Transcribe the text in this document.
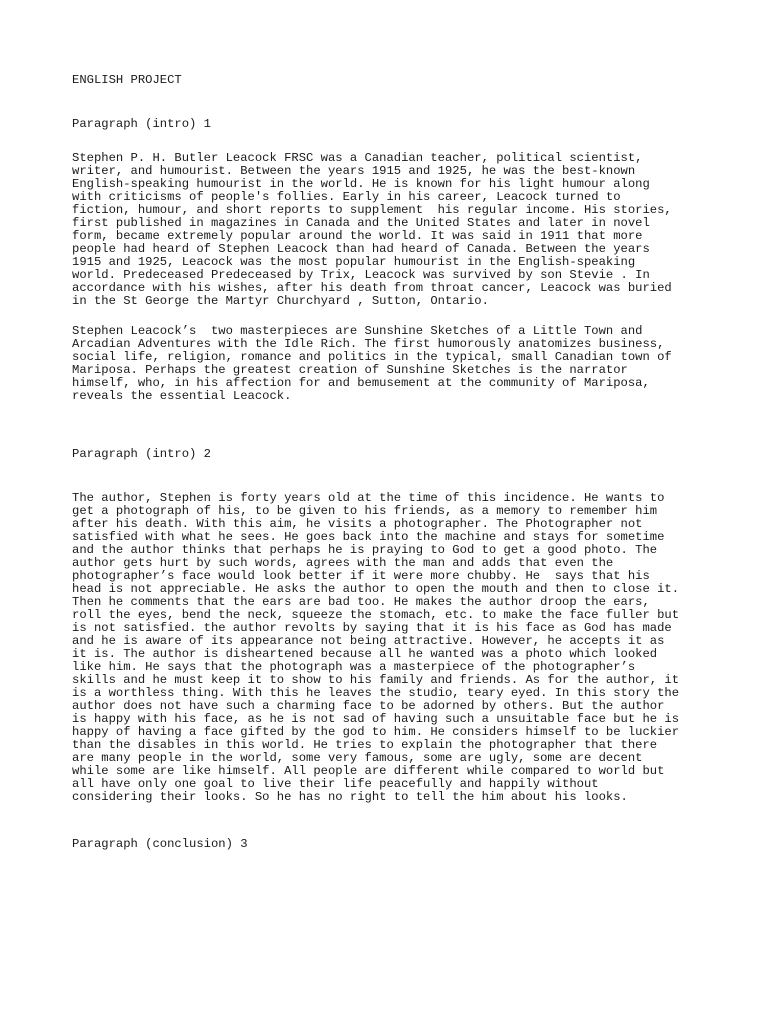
ENGLISH PROJECT
Paragraph (intro) 1
Stephen P. H. Butler Leacock FRSC was a Canadian teacher, political scientist,
writer, and humourist. Between the years 1915 and 1925, he was the best-known
English-speaking humourist in the world. He is known for his light humour along
with criticisms of people's follies. Early in his career, Leacock turned to
fiction, humour, and short reports to supplement  his regular income. His stories,
first published in magazines in Canada and the United States and later in novel
form, became extremely popular around the world. It was said in 1911 that more
people had heard of Stephen Leacock than had heard of Canada. Between the years
1915 and 1925, Leacock was the most popular humourist in the English-speaking
world. Predeceased Predeceased by Trix, Leacock was survived by son Stevie . In
accordance with his wishes, after his death from throat cancer, Leacock was buried
in the St George the Martyr Churchyard , Sutton, Ontario.
Stephen Leacock’s  two masterpieces are Sunshine Sketches of a Little Town and
Arcadian Adventures with the Idle Rich. The first humorously anatomizes business,
social life, religion, romance and politics in the typical, small Canadian town of
Mariposa. Perhaps the greatest creation of Sunshine Sketches is the narrator
himself, who, in his affection for and bemusement at the community of Mariposa,
reveals the essential Leacock.
Paragraph (intro) 2
The author, Stephen is forty years old at the time of this incidence. He wants to
get a photograph of his, to be given to his friends, as a memory to remember him
after his death. With this aim, he visits a photographer. The Photographer not
satisfied with what he sees. He goes back into the machine and stays for sometime
and the author thinks that perhaps he is praying to God to get a good photo. The
author gets hurt by such words, agrees with the man and adds that even the
photographer’s face would look better if it were more chubby. He  says that his
head is not appreciable. He asks the author to open the mouth and then to close it.
Then he comments that the ears are bad too. He makes the author droop the ears,
roll the eyes, bend the neck, squeeze the stomach, etc. to make the face fuller but
is not satisfied. the author revolts by saying that it is his face as God has made
and he is aware of its appearance not being attractive. However, he accepts it as
it is. The author is disheartened because all he wanted was a photo which looked
like him. He says that the photograph was a masterpiece of the photographer’s
skills and he must keep it to show to his family and friends. As for the author, it
is a worthless thing. With this he leaves the studio, teary eyed. In this story the
author does not have such a charming face to be adorned by others. But the author
is happy with his face, as he is not sad of having such a unsuitable face but he is
happy of having a face gifted by the god to him. He considers himself to be luckier
than the disables in this world. He tries to explain the photographer that there
are many people in the world, some very famous, some are ugly, some are decent
while some are like himself. All people are different while compared to world but
all have only one goal to live their life peacefully and happily without
considering their looks. So he has no right to tell the him about his looks.
Paragraph (conclusion) 3
